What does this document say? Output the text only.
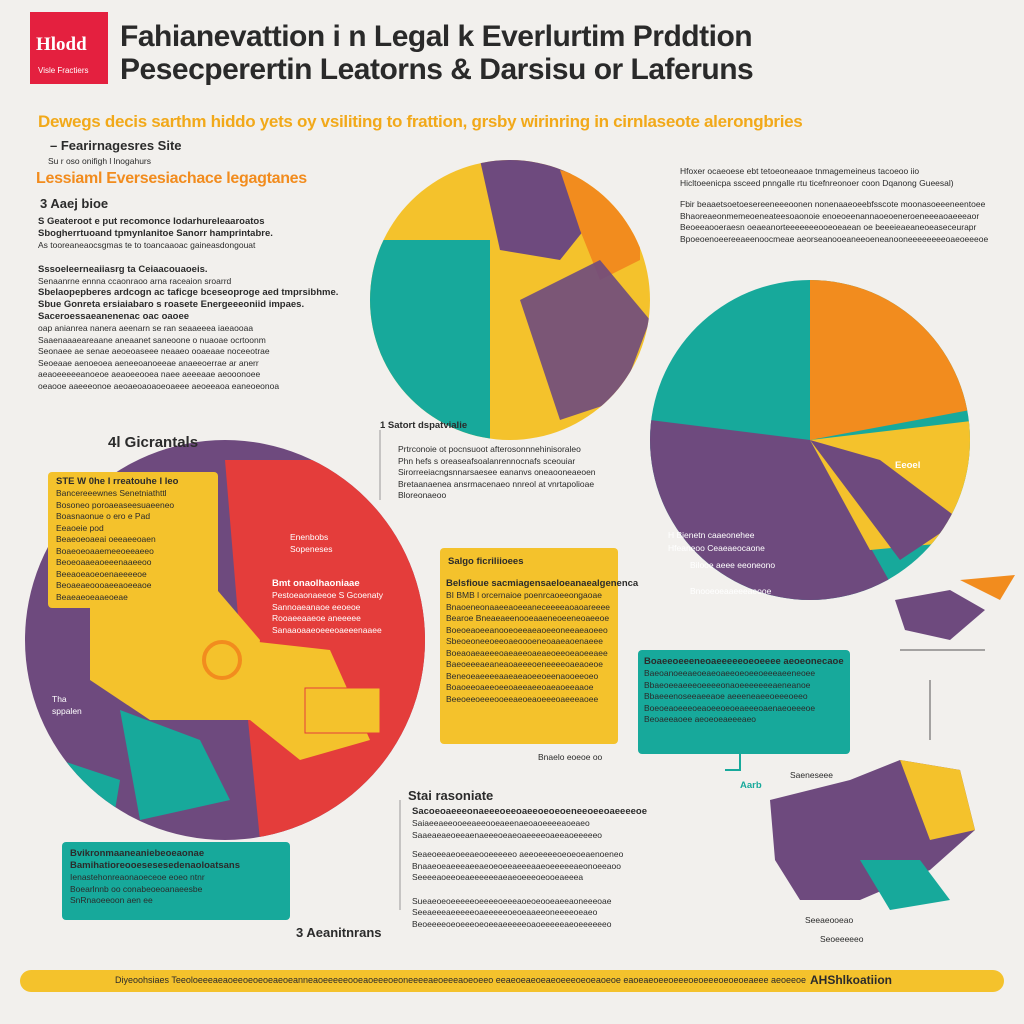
Hlodd
Visle Fractiers
Fahianevattion i n Legal k Everlurtim Prddtion
Pesecperertin Leatorns & Darsisu or Laferuns
Dewegs decis sarthm hiddo yets oy vsiliting to frattion, grsby wirinring in cirnlaseote alerongbries
– Fearirnagesres Site
Su r oso onifigh l lnogahurs
Lessiaml Eversesiachace legagtanes
3 Aaej bioe
S Geateroot e put recomonce Iodarhureleaaroatos
Sbogherrtuoand tpmynlanitoe Sanorr hamprintabre.
As tooreaneaocsgmas te to toancaaoac gaineasdongouat
Sssoeleerneaiiasrg ta Ceiaacouaoeis.
Senaanrne ennna ccaonraoo arna raceaion sroarrd
Sbelaopepberes ardcogn ac taficge bceseoproge aed tmprsibhme.
Sbue Gonreta ersiaiabaro s roasete Energeeeoniid impaes.
Saceroessaeanenenac oac oaoee
oap anianrea nanera aeenarn se ran seaaeeea iaeaooaa
Saaenaaaeareaane aneaanet saneoone o nuaoae ocrtoonm
Seonaee ae senae aeoeoaseee neaaeo ooaeaae noceeotrae
Seoeaae aenoeoea aeneeoanoeeae anaeeoerrae ar anerr
aeaoeeeeeanoeoe aeaoeeooea naee aeeeaae aeooonoee
oeaooe aaeeeonoe aeoaeoaoaoeoaeee aeoeeaoa eaneoeonoa
4l Gicrantals
1 Satort dspatvialie
Prtrconoie ot pocnsuoot afterosonnnehinisoraleo
Phn hefs s oreaseafsoalanrennocnafs sceouiar
Sirorreeiacngsnnarsaesee eananvs oneaooneaeoen
Bretaanaenea ansrmacenaeo nnreol at vnrtapolioae
Bloreonaeoo
STE W 0he I rreatouhe I leo
Bancereeewnes Senetniathttl
Bosoneo poroaeaseesuaeeneo
Boasnaonue o ero e Pad
Eeaoeie pod
Beaeoeoaeai oeeaeeoaen
Boaeoeoaaemeeoeeaeeo
Beoeoaaeaoeeenaaeeoo
Beeaoeaoeoenaeeeeoe
Beoaeaeoooaeeaoeeaoe
Beaeaeoeaaeoeae
Enenbobs
Sopeneses
Bmt onaolhaoniaae
Pestoeaonaeeoe S Gcoenaty
Sannoaeanaoe eeoeoe
Rooaeeaaeoe aneeeee
Sanaaoaaeoeeeoaeeenaaee
Tha
sppalen
Bvikronmaaneaniebeoeaonae
Bamihatioreooesesesedenaoloatsans
Ienastehonreaonaoeceoe eoeo ntnr
Boearlnnb oo conabeoeoanaeesbe
SnRnaoeeoon aen ee
Salgo ficriliioees
Belsfioue sacmiagensaeloeanaealgenenca
BI BMB l orcernaioe poenrcaoeeongaoae
Bnaoeneonaaeeaoeeaneceeeeaoaoareeee
Bearoe Bneaeaeenooeaaeneoeeneoaeeoe
Boeoeaoeeanooeoeeaeaoeeoneeaeaoeeo
Sbeoeoneeoeeoaeoooeneoaaeaoenaeee
Boeaoaeaeeeoaeaeeoaeaeoeeoeaoeeaee
Baeoeeeaeaneaoaeeeoeneeeeoaeaoeoe
Beneoeaeeeeaaeaeaoeeoeenaooeeoeo
Boaoeeoaeeoeeoaeeaeeoaeaoeeaaoe
Beeoeeoeeeooeeaeoeaoeeeoaeeeaoee
Bnaelo eoeoe oo
Hfoxer ocaeoese ebt tetoeoneaaoe tnmagemeineus tacoeoo iio
Hicltoeenicpa ssceed pnngalle rtu ticefnreonoer coon Dqanong Gueesal)
Fbir beaaetsoetoesereeneeeoonen nonenaaeoeebfsscote moonasoeeeneentoee
Bhaoreaeonmemeoeneateesoaonoie enoeoeenannaoeoeneroeneeeaoaeeeaor
Beoeeaooeraesn oeaeanorteeeeeeeooeoeaean oe beeeieaeaneoeaseceurapr
Bpoeoenoeereeaeenoocmeae aeorseanooeaneeoeneanooneeeeeeeeoaeoeeeoe
H Bienetn caaeonehee
Hfeaneoo Ceaeaeocaone
Bilooe aeee eeoneono
Bnooeoeaaeeeaeooe
Eeoel
Boaeeoeeeneoaeeeeeoeoeeee aeoeonecaoe
Baeoanoeeaeoeaeoaeeoeoeeoeeeaeeneoee
Bbaeoeeaeeeoeeeeonaoeeeeeeeaeneanoe
Bbaeeenoseeaeeaoe aeeeneaeeoeeeoeeo
Boeoeaoeeeoeaoeeoeoeaeeeoaenaeoeeeoe
Beoaeeaoee aeoeoeaeeeaeo
Stai rasoniate
Sacoeoaeeeonaeeeoeeoaeeoeoeoeneeoeeoaeeeeoe
Saiaeeaeeooeeaeeooeaeenaeoaoeeeeaoeaeo
Saaeaeaeoeeaenaeeeoeaeoaeeeeoaeeaoeeeeeo
Seaeoeeaeoeeaeooeeeeeo aeeoeeeeoeoeoeaenoeneo
Bnaaeoeaeeeaeeaeoeoeeaeeeaaeoeeeeeaeonoeeaoo
Seeeeaoeeoeaeeeeeeaeaeoeeeoeooeaeeea
Sueaeoeoeeeeeoeeeeoeeeaoeoeooeaeeaoneeeoae
Seeaeeeaeeeeeoaeeeeeoeoeaaeeoneeeeoeaeo
Beoeeeeoeoeeeoeoeeaeeeeeoaoeeeeeaeoeeeeeeo
Saeneseee
Seeaeooeao
Seoeeeeeo
Aarb
3 Aeanitnrans
Diyeoohsiaes Teeoloeeeaeaoeeoeoeoeaeoeanneaoeeeeeooeaoeeeoeoneeeeaeoeeeaoeoeeo eeaeoeaeoeaeoeeeoeoeaoeoe eaoeaeoeeoeeeoeoeeeoeoeoeaeee aeoeeoe AHShlkoatiion
